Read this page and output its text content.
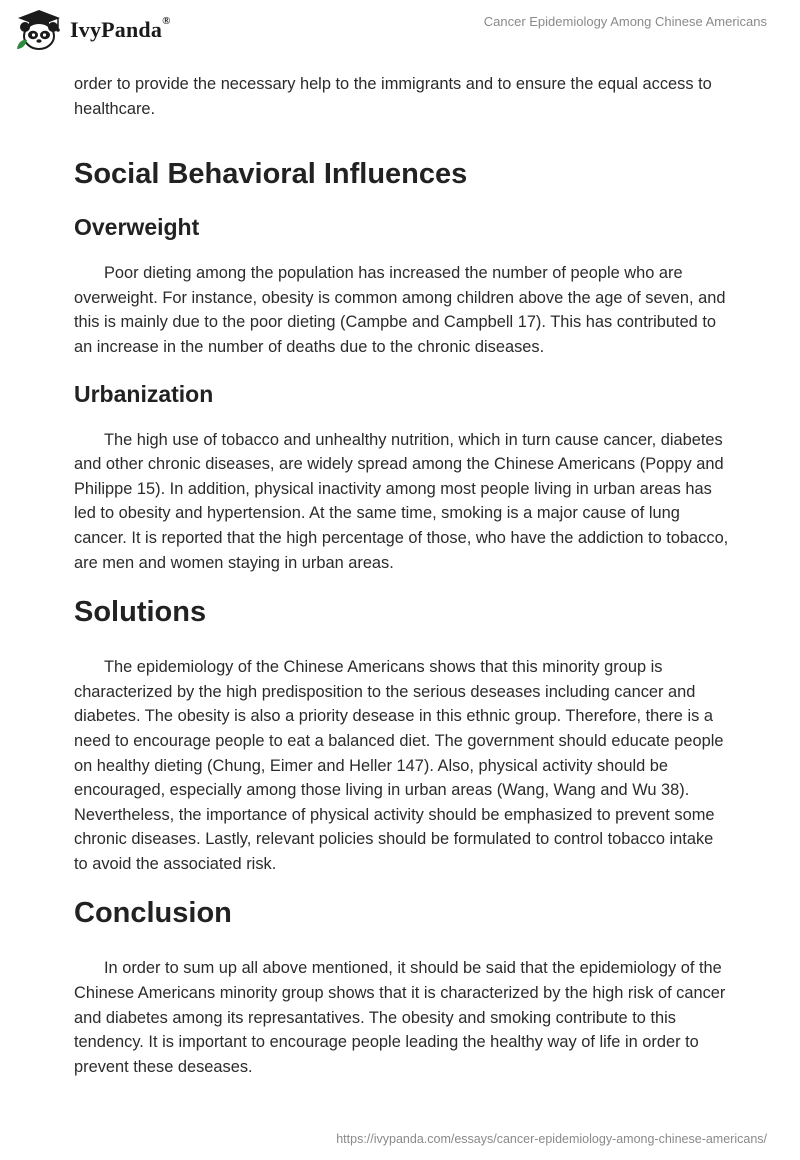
IvyPanda®	Cancer Epidemiology Among Chinese Americans

order to provide the necessary help to the immigrants and to ensure the equal access to healthcare.

Social Behavioral Influences
Overweight

Poor dieting among the population has increased the number of people who are overweight. For instance, obesity is common among children above the age of seven, and this is mainly due to the poor dieting (Campbe and Campbell 17). This has contributed to an increase in the number of deaths due to the chronic diseases.

Urbanization

The high use of tobacco and unhealthy nutrition, which in turn cause cancer, diabetes and other chronic diseases, are widely spread among the Chinese Americans (Poppy and Philippe 15). In addition, physical inactivity among most people living in urban areas has led to obesity and hypertension. At the same time, smoking is a major cause of lung cancer. It is reported that the high percentage of those, who have the addiction to tobacco, are men and women staying in urban areas.

Solutions

The epidemiology of the Chinese Americans shows that this minority group is characterized by the high predisposition to the serious deseases including cancer and diabetes. The obesity is also a priority desease in this ethnic group. Therefore, there is a need to encourage people to eat a balanced diet. The government should educate people on healthy dieting (Chung, Eimer and Heller 147). Also, physical activity should be encouraged, especially among those living in urban areas (Wang, Wang and Wu 38). Nevertheless, the importance of physical activity should be emphasized to prevent some chronic diseases. Lastly, relevant policies should be formulated to control tobacco intake to avoid the associated risk.

Conclusion

In order to sum up all above mentioned, it should be said that the epidemiology of the Chinese Americans minority group shows that it is characterized by the high risk of cancer and diabetes among its represantatives. The obesity and smoking contribute to this tendency. It is important to encourage people leading the healthy way of life in order to prevent these deseases.

https://ivypanda.com/essays/cancer-epidemiology-among-chinese-americans/
